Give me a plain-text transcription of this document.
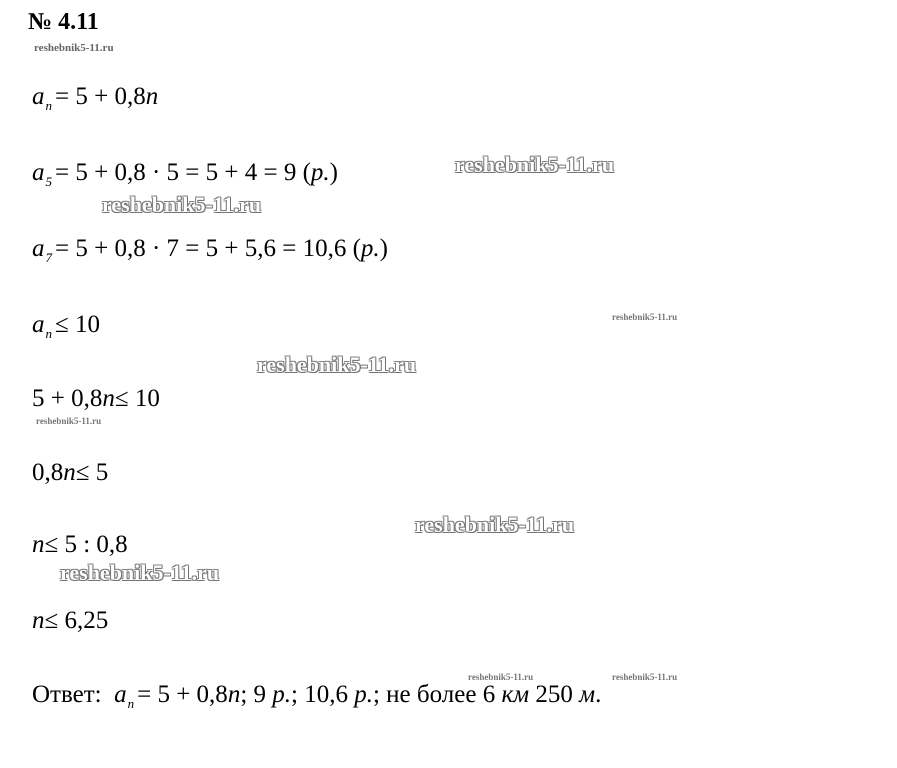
№ 4.11
reshebnik5-11.ru
$a_n = 5 + 0,8n$
$a_5 = 5 + 0,8 \cdot 5 = 5 + 4 = 9$ (р.)	reshebnik5-11.ru
reshebnik5-11.ru
$a_7 = 5 + 0,8 \cdot 7 = 5 + 5,6 = 10,6$ (р.)
$a_n \le 10$	reshebnik5-11.ru
reshebnik5-11.ru
5 + 0,8n≤ 10
reshebnik5-11.ru
0,8n≤ 5
reshebnik5-11.ru
n≤ 5 : 0,8
reshebnik5-11.ru
n≤ 6,25
reshebnik5-11.ru	reshebnik5-11.ru
Ответ: $a_n = 5 + 0,8n$; 9 р.; 10,6 р.; не более 6 км 250 м.
